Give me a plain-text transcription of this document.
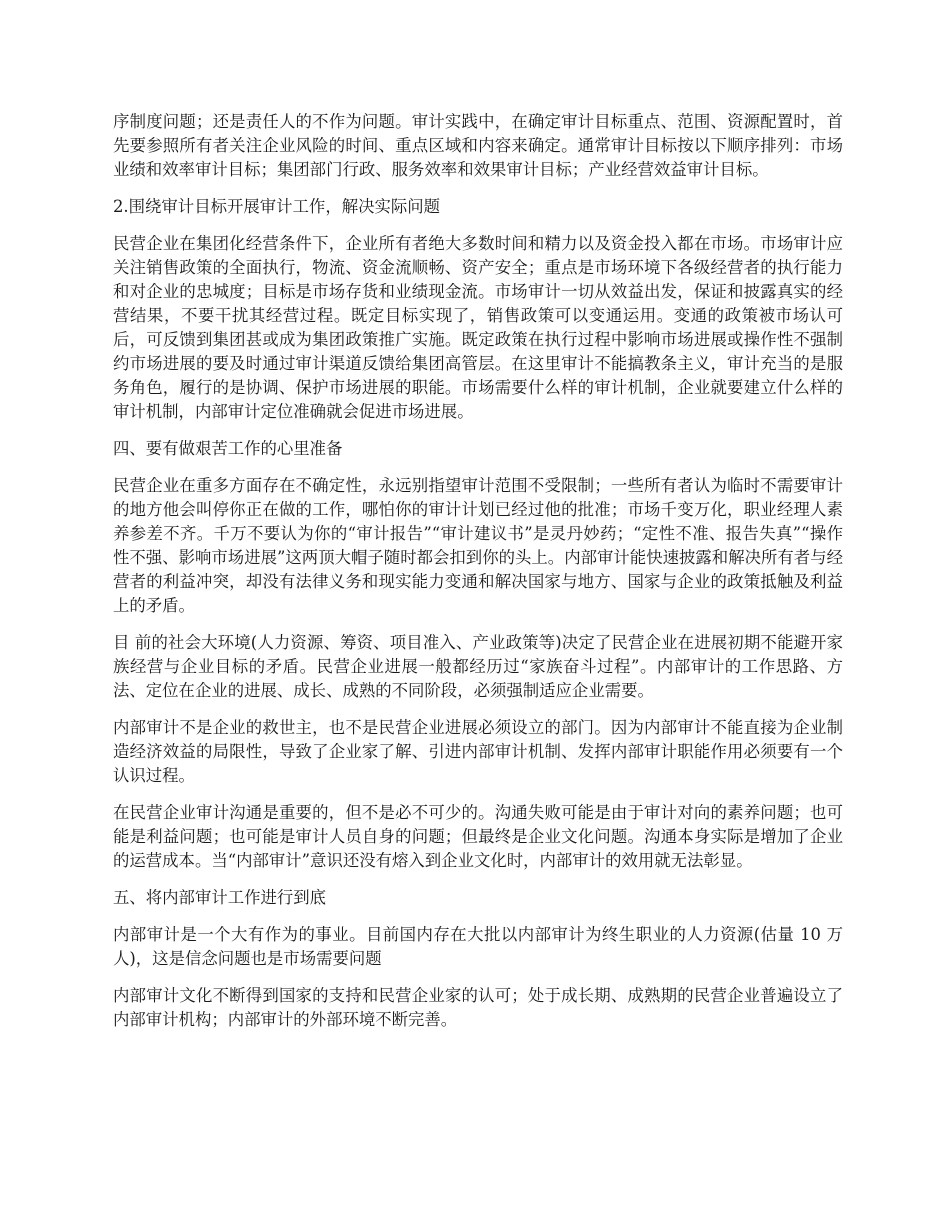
序制度问题；还是责任人的不作为问题。审计实践中，在确定审计目标重点、范围、资源配置时，首先要参照所有者关注企业风险的时间、重点区域和内容来确定。通常审计目标按以下顺序排列：市场业绩和效率审计目标；集团部门行政、服务效率和效果审计目标；产业经营效益审计目标。

2.围绕审计目标开展审计工作，解决实际问题

民营企业在集团化经营条件下，企业所有者绝大多数时间和精力以及资金投入都在市场。市场审计应关注销售政策的全面执行，物流、资金流顺畅、资产安全；重点是市场环境下各级经营者的执行能力和对企业的忠城度；目标是市场存货和业绩现金流。市场审计一切从效益出发，保证和披露真实的经营结果，不要干扰其经营过程。既定目标实现了，销售政策可以变通运用。变通的政策被市场认可后，可反馈到集团甚或成为集团政策推广实施。既定政策在执行过程中影响市场进展或操作性不强制约市场进展的要及时通过审计渠道反馈给集团高管层。在这里审计不能搞教条主义，审计充当的是服务角色，履行的是协调、保护市场进展的职能。市场需要什么样的审计机制，企业就要建立什么样的审计机制，内部审计定位准确就会促进市场进展。

四、要有做艰苦工作的心里准备

民营企业在重多方面存在不确定性，永远别指望审计范围不受限制；一些所有者认为临时不需要审计的地方他会叫停你正在做的工作，哪怕你的审计计划已经过他的批准；市场千变万化，职业经理人素养参差不齐。千万不要认为你的“审计报告”“审计建议书”是灵丹妙药；“定性不准、报告失真”“操作性不强、影响市场进展”这两顶大帽子随时都会扣到你的头上。内部审计能快速披露和解决所有者与经营者的利益冲突，却没有法律义务和现实能力变通和解决国家与地方、国家与企业的政策抵触及利益上的矛盾。

目 前的社会大环境(人力资源、筹资、项目准入、产业政策等)决定了民营企业在进展初期不能避开家族经营与企业目标的矛盾。民营企业进展一般都经历过“家族奋斗过程”。内部审计的工作思路、方法、定位在企业的进展、成长、成熟的不同阶段，必须强制适应企业需要。

内部审计不是企业的救世主，也不是民营企业进展必须设立的部门。因为内部审计不能直接为企业制造经济效益的局限性，导致了企业家了解、引进内部审计机制、发挥内部审计职能作用必须要有一个认识过程。

在民营企业审计沟通是重要的，但不是必不可少的。沟通失败可能是由于审计对向的素养问题；也可能是利益问题；也可能是审计人员自身的问题；但最终是企业文化问题。沟通本身实际是增加了企业的运营成本。当“内部审计”意识还没有熔入到企业文化时，内部审计的效用就无法彰显。

五、将内部审计工作进行到底

内部审计是一个大有作为的事业。目前国内存在大批以内部审计为终生职业的人力资源(估量 10 万人)，这是信念问题也是市场需要问题

内部审计文化不断得到国家的支持和民营企业家的认可；处于成长期、成熟期的民营企业普遍设立了内部审计机构；内部审计的外部环境不断完善。
